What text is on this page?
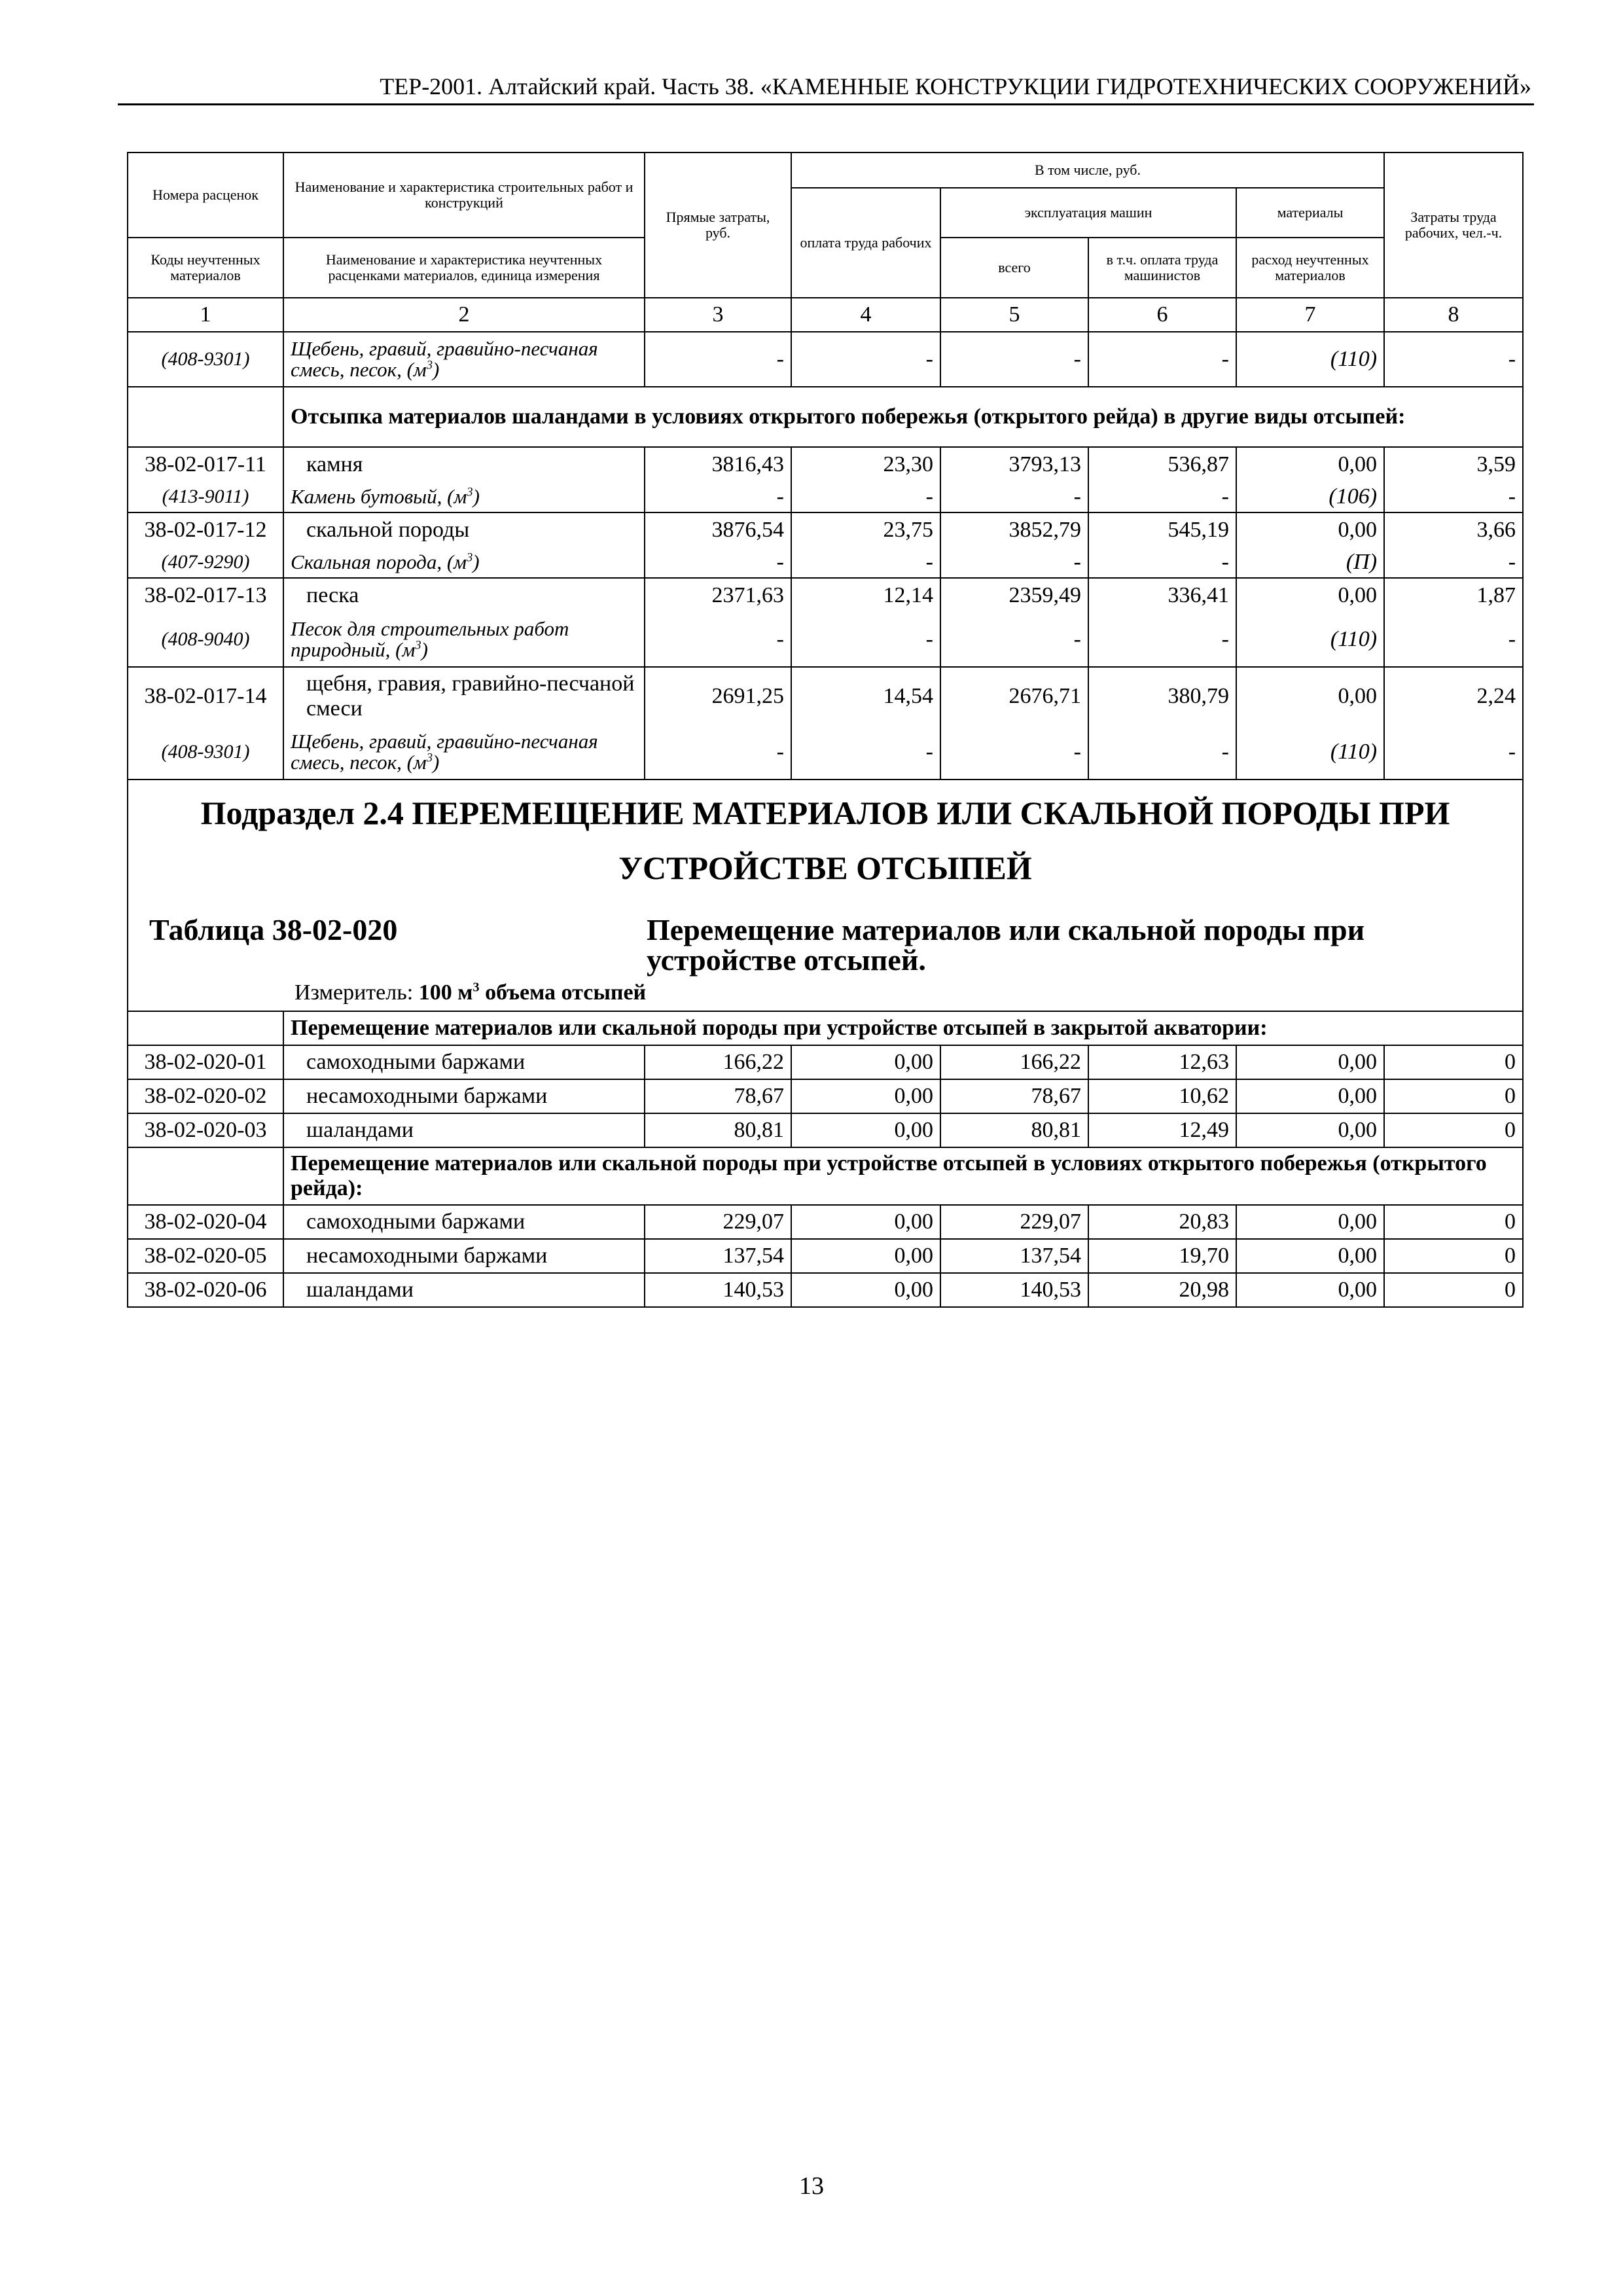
ТЕР-2001. Алтайский край. Часть 38. «КАМЕННЫЕ КОНСТРУКЦИИ ГИДРОТЕХНИЧЕСКИХ СООРУЖЕНИЙ»
Номера расценок	Наименование и характеристика строительных работ и конструкций	Прямые затраты, руб.	В том числе, руб.				Затраты труда рабочих, чел.-ч.
			оплата труда рабочих	эксплуатация машин		материалы	
Коды неучтенных материалов	Наименование и характеристика неучтенных расценками материалов, единица измерения			всего	в т.ч. оплата труда машинистов	расход неучтенных материалов	
1	2	3	4	5	6	7	8
(408-9301)	Щебень, гравий, гравийно-песчаная смесь, песок, $(м^3)$	-	-	-	-	(110)	-
	Отсыпка материалов шаландами в условиях открытого побережья (открытого рейда) в другие виды отсыпей:						
38-02-017-11	камня	3816,43	23,30	3793,13	536,87	0,00	3,59
(413-9011)	Камень бутовый, $(м^3)$	-	-	-	-	(106)	-
38-02-017-12	скальной породы	3876,54	23,75	3852,79	545,19	0,00	3,66
(407-9290)	Скальная порода, $(м^3)$	-	-	-	-	(П)	-
38-02-017-13	песка	2371,63	12,14	2359,49	336,41	0,00	1,87
(408-9040)	Песок для строительных работ природный, $(м^3)$	-	-	-	-	(110)	-
38-02-017-14	щебня, гравия, гравийно-песчаной смеси	2691,25	14,54	2676,71	380,79	0,00	2,24
(408-9301)	Щебень, гравий, гравийно-песчаная смесь, песок, $(м^3)$	-	-	-	-	(110)	-

Подраздел 2.4 ПЕРЕМЕЩЕНИЕ МАТЕРИАЛОВ ИЛИ СКАЛЬНОЙ ПОРОДЫ ПРИ
УСТРОЙСТВЕ ОТСЫПЕЙ
Таблица 38-02-020 Перемещение материалов или скальной породы при устройстве отсыпей.
Измеритель: 100 $м^3$ объема отсыпей							

	Перемещение материалов или скальной породы при устройстве отсыпей в закрытой акватории:						
38-02-020-01	самоходными баржами	166,22	0,00	166,22	12,63	0,00	0
38-02-020-02	несамоходными баржами	78,67	0,00	78,67	10,62	0,00	0
38-02-020-03	шаландами	80,81	0,00	80,81	12,49	0,00	0
	Перемещение материалов или скальной породы при устройстве отсыпей в условиях открытого побережья (открытого рейда):						
38-02-020-04	самоходными баржами	229,07	0,00	229,07	20,83	0,00	0
38-02-020-05	несамоходными баржами	137,54	0,00	137,54	19,70	0,00	0
38-02-020-06	шаландами	140,53	0,00	140,53	20,98	0,00	0
13
